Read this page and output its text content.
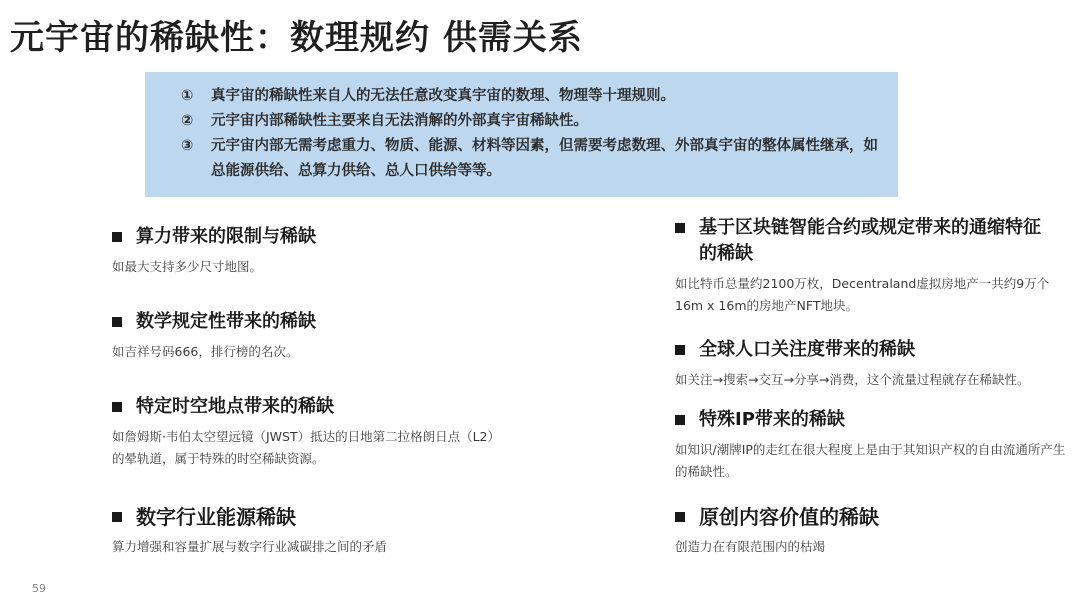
元宇宙的稀缺性：数理规约 供需关系
①	真宇宙的稀缺性来自人的无法任意改变真宇宙的数理、物理等十理规则。
②	元宇宙内部稀缺性主要来自无法消解的外部真宇宙稀缺性。
③	元宇宙内部无需考虑重力、物质、能源、材料等因素，但需要考虑数理、外部真宇宙的整体属性继承，如总能源供给、总算力供给、总人口供给等等。
算力带来的限制与稀缺

如最大支持多少尺寸地图。

数学规定性带来的稀缺

如吉祥号码666，排行榜的名次。

特定时空地点带来的稀缺

如詹姆斯·韦伯太空望远镜（JWST）抵达的日地第二拉格朗日点（L2）的晕轨道，属于特殊的时空稀缺资源。

数字行业能源稀缺

算力增强和容量扩展与数字行业减碳排之间的矛盾

基于区块链智能合约或规定带来的通缩特征的稀缺

如比特币总量约2100万枚，Decentraland虚拟房地产一共约9万个16m x 16m的房地产NFT地块。

全球人口关注度带来的稀缺

如关注→搜索→交互→分享→消费，这个流量过程就存在稀缺性。

特殊IP带来的稀缺

如知识/潮牌IP的走红在很大程度上是由于其知识产权的自由流通所产生的稀缺性。

原创内容价值的稀缺

创造力在有限范围内的枯竭

59
